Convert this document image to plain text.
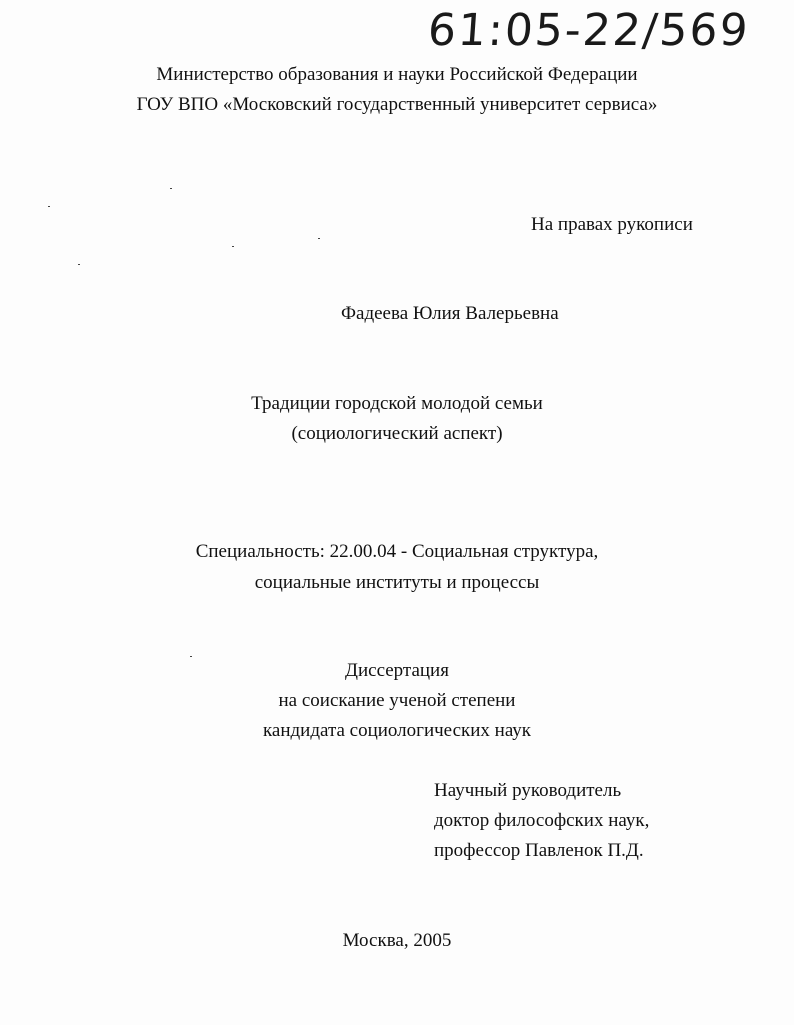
61:05-22/569
Министерство образования и науки Российской Федерации
ГОУ ВПО «Московский государственный университет сервиса»
На правах рукописи
Фадеева Юлия Валерьевна
Традиции городской молодой семьи
(социологический аспект)
Специальность: 22.00.04 - Социальная структура,
социальные институты и процессы
Диссертация
на соискание ученой степени
кандидата социологических наук
Научный руководитель
доктор философских наук,
профессор Павленок П.Д.
Москва, 2005
